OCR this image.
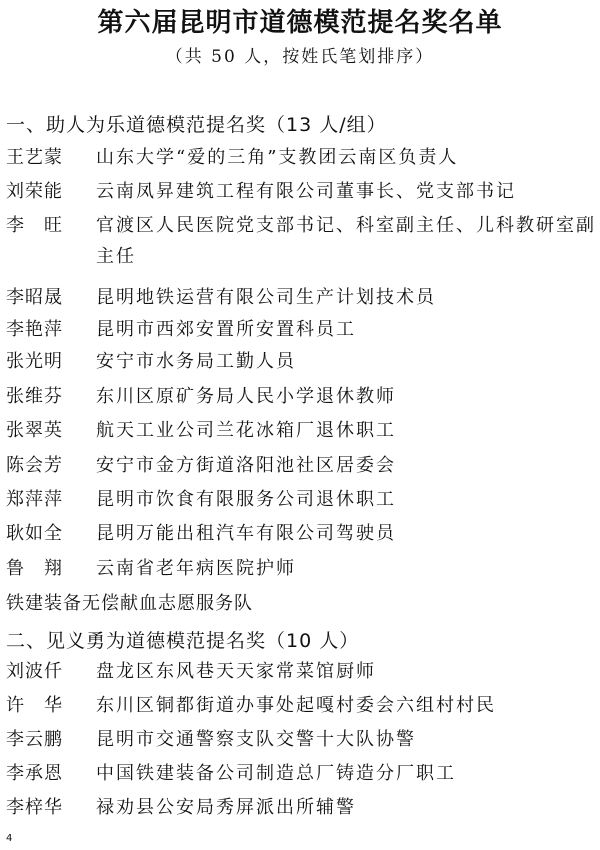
第六届昆明市道德模范提名奖名单
（共 50 人，按姓氏笔划排序）
一、助人为乐道德模范提名奖（13 人/组）
王艺蒙 山东大学“爱的三角”支教团云南区负责人
刘荣能 云南凤昇建筑工程有限公司董事长、党支部书记
李　旺 官渡区人民医院党支部书记、科室副主任、儿科教研室副主任
李昭晟 昆明地铁运营有限公司生产计划技术员
李艳萍 昆明市西郊安置所安置科员工
张光明 安宁市水务局工勤人员
张维芬 东川区原矿务局人民小学退休教师
张翠英 航天工业公司兰花冰箱厂退休职工
陈会芳 安宁市金方街道洛阳池社区居委会
郑萍萍 昆明市饮食有限服务公司退休职工
耿如全 昆明万能出租汽车有限公司驾驶员
鲁　翔 云南省老年病医院护师
铁建装备无偿献血志愿服务队
二、见义勇为道德模范提名奖（10 人）
刘波仟 盘龙区东风巷天天家常菜馆厨师
许　华 东川区铜都街道办事处起嘎村委会六组村村民
李云鹏 昆明市交通警察支队交警十大队协警
李承恩 中国铁建装备公司制造总厂铸造分厂职工
李梓华 禄劝县公安局秀屏派出所辅警
4
